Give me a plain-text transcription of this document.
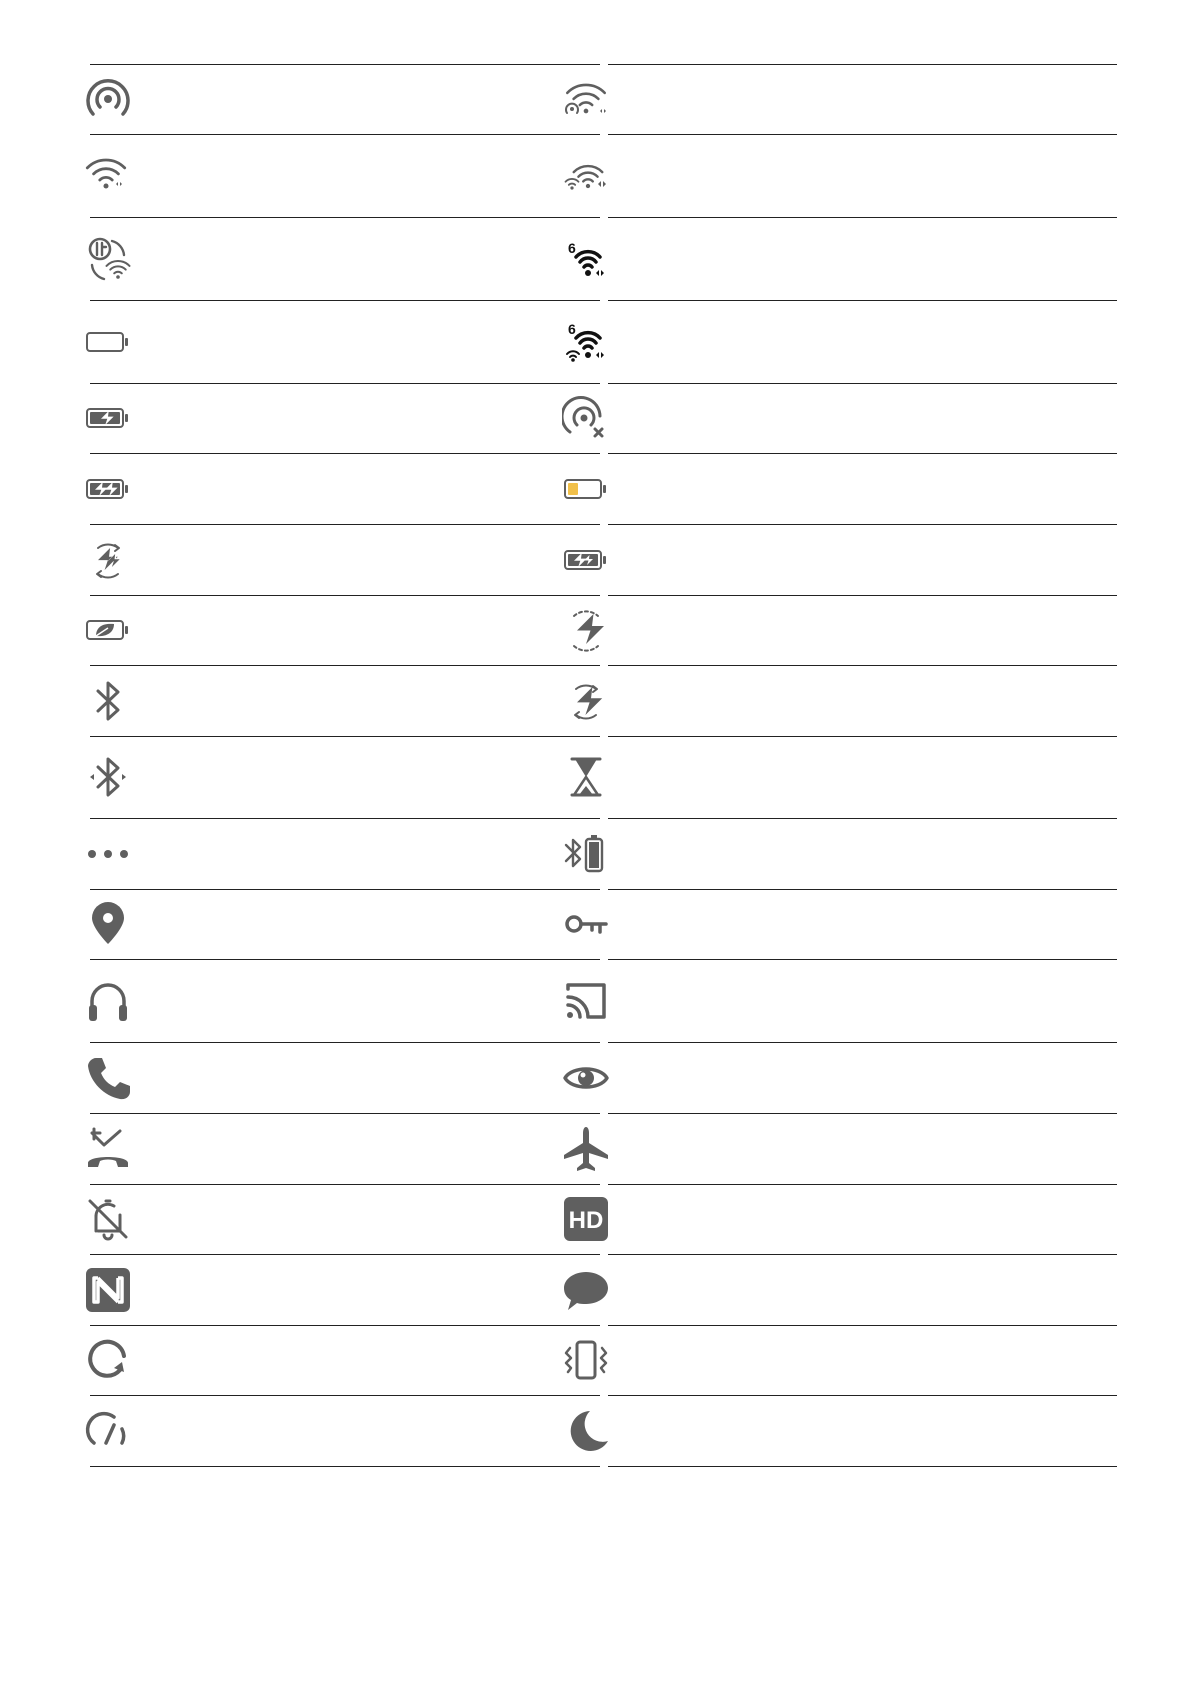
6
6
HD
